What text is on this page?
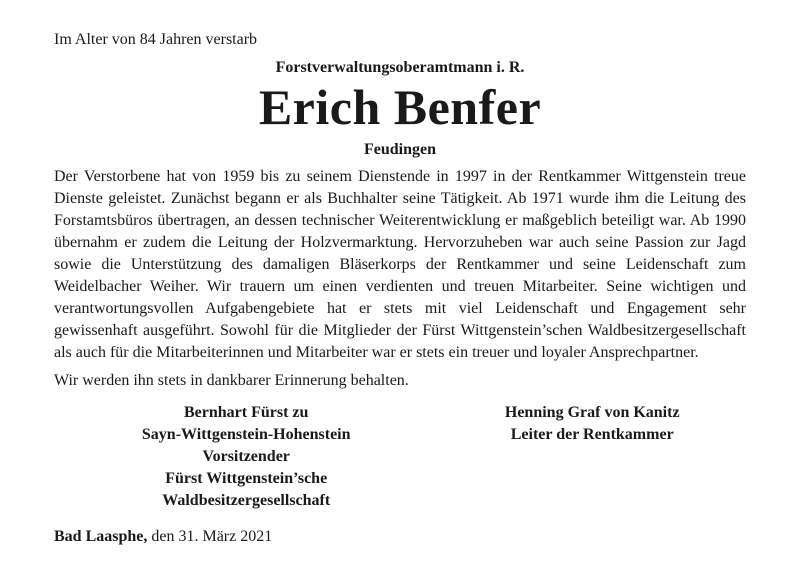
Im Alter von 84 Jahren verstarb

Forstverwaltungsoberamtmann i. R.

Erich Benfer

Feudingen

Der Verstorbene hat von 1959 bis zu seinem Dienstende in 1997 in der Rentkammer Wittgenstein treue Dienste geleistet. Zunächst begann er als Buchhalter seine Tätigkeit. Ab 1971 wurde ihm die Leitung des Forstamtsbüros übertragen, an dessen technischer Weiterentwicklung er maßgeblich beteiligt war. Ab 1990 übernahm er zudem die Leitung der Holzvermarktung. Hervorzuheben war auch seine Passion zur Jagd sowie die Unterstützung des damaligen Bläserkorps der Rentkammer und seine Leidenschaft zum Weidelbacher Weiher. Wir trauern um einen verdienten und treuen Mitarbeiter. Seine wichtigen und verantwortungsvollen Aufgabengebiete hat er stets mit viel Leidenschaft und Engagement sehr gewissenhaft ausgeführt. Sowohl für die Mitglieder der Fürst Wittgenstein’schen Waldbesitzergesellschaft als auch für die Mitarbeiterinnen und Mitarbeiter war er stets ein treuer und loyaler Ansprechpartner.

Wir werden ihn stets in dankbarer Erinnerung behalten.

Bernhart Fürst zu
Sayn-Wittgenstein-Hohenstein
Vorsitzender
Fürst Wittgenstein’sche
Waldbesitzergesellschaft
Henning Graf von Kanitz
Leiter der Rentkammer
Bad Laasphe, den 31. März 2021
